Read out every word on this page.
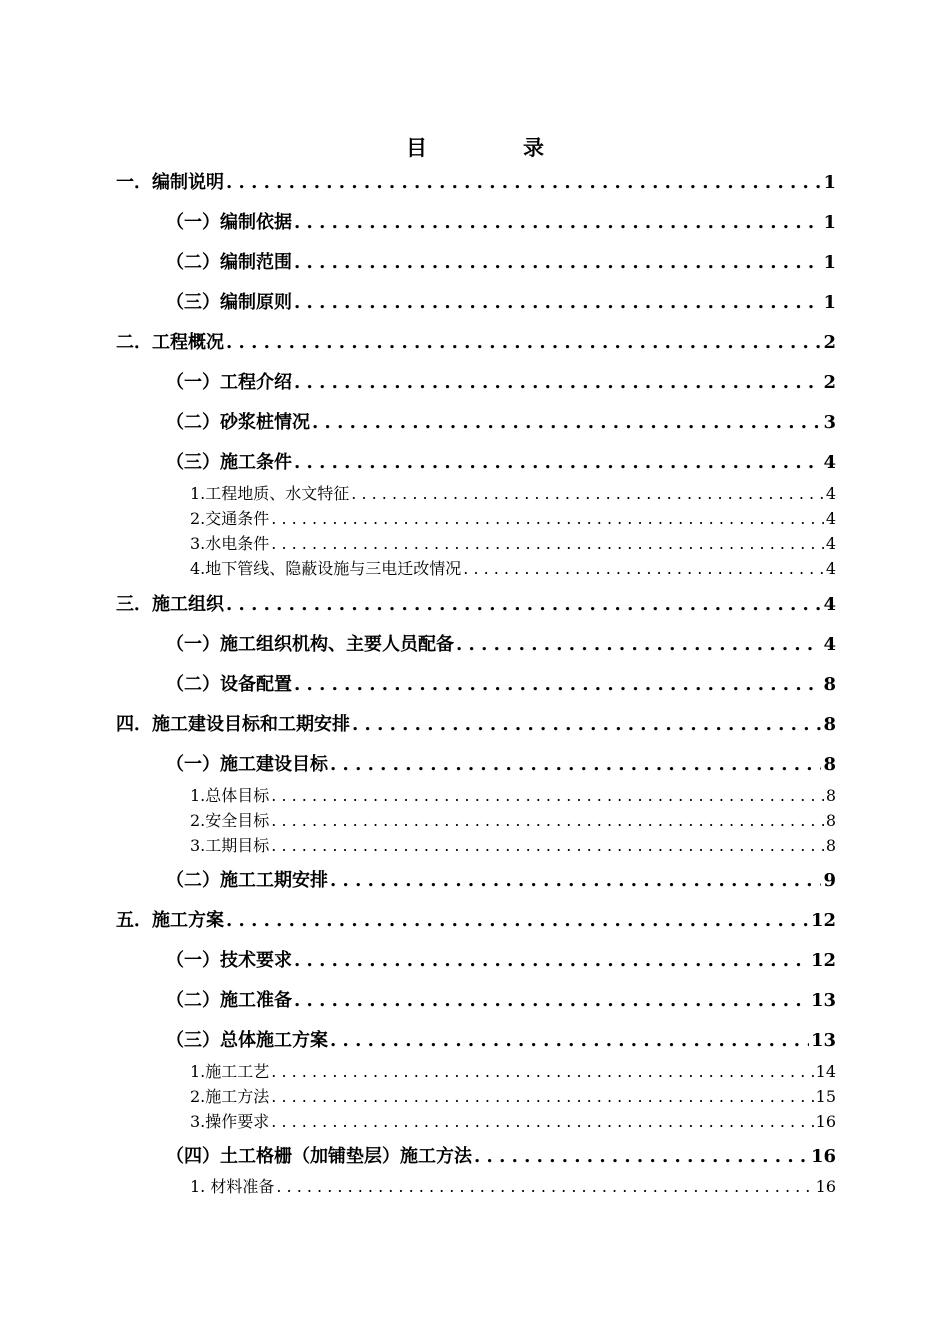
目	录
一．编制说明 . . .	1
（一）编制依据 . . .	1
（二）编制范围 . . .	1
（三）编制原则 . . .	1
二．工程概况 . . .	2
（一）工程介绍 . . .	2
（二）砂浆桩情况 . . .	3
（三）施工条件 . . .	4
1.工程地质、水文特征 . . .	4
2.交通条件 . . .	4
3.水电条件 . . .	4
4.地下管线、隐蔽设施与三电迁改情况 . . .	4
三．施工组织 . . .	4
（一）施工组织机构、主要人员配备 . . .	4
（二）设备配置 . . .	8
四．施工建设目标和工期安排 . . .	8
（一）施工建设目标 . . .	8
1.总体目标 . . .	8
2.安全目标 . . .	8
3.工期目标 . . .	8
（二）施工工期安排 . . .	9
五．施工方案 . . .	12
（一）技术要求 . . .	12
（二）施工准备 . . .	13
（三）总体施工方案 . . .	13
1.施工工艺 . . .	14
2.施工方法 . . .	15
3.操作要求 . . .	16
（四）土工格栅（加铺垫层）施工方法 . . .	16
1. 材料准备 . . .	16
